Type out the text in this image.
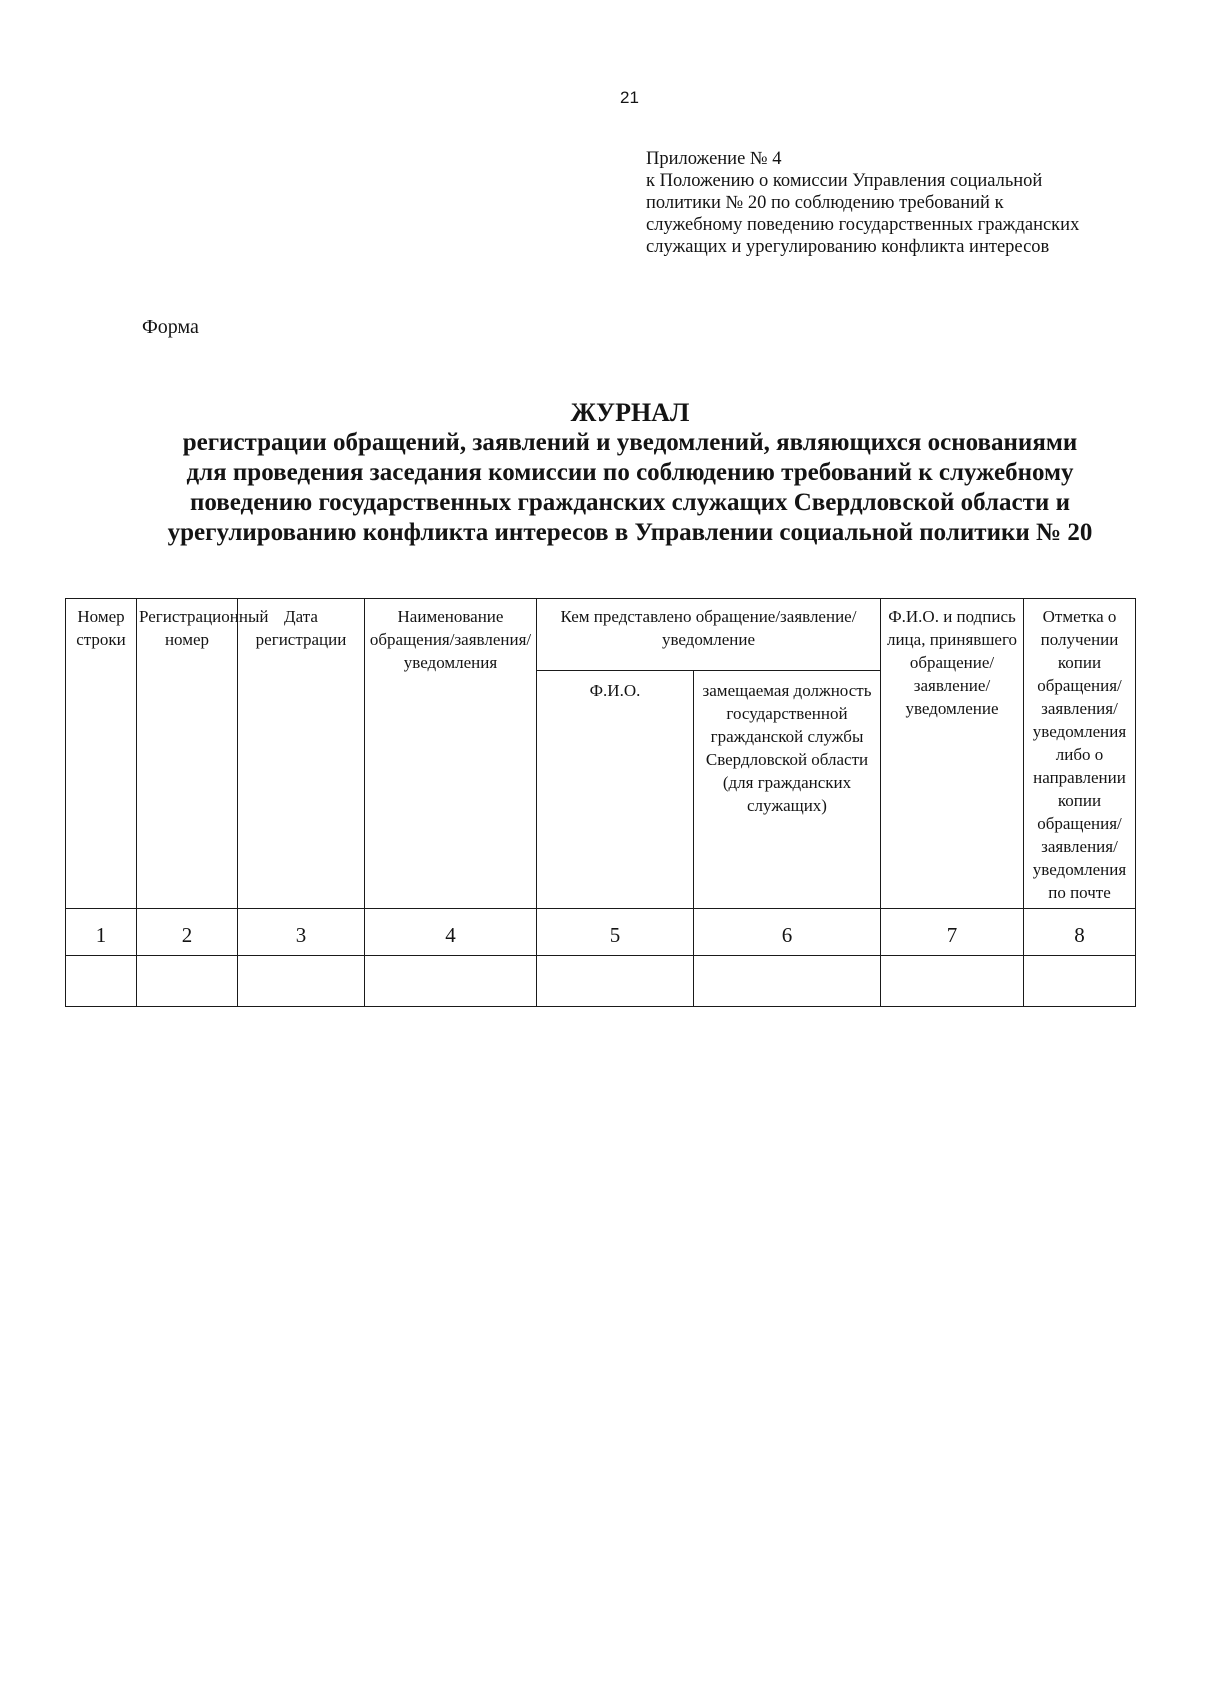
21
Приложение № 4
к Положению о комиссии Управления социальной
политики № 20 по соблюдению требований к
служебному поведению государственных гражданских
служащих и урегулированию конфликта интересов
Форма
ЖУРНАЛ
регистрации обращений, заявлений и уведомлений, являющихся основаниями
для проведения заседания комиссии по соблюдению требований к служебному
поведению государственных гражданских служащих Свердловской области и
урегулированию конфликта интересов в Управлении социальной политики № 20
Номер строки	Регистрационный номер	Дата регистрации	Наименование обращения/заявления/уведомления	Кем представлено обращение/заявление/уведомление		Ф.И.О. и подпись лица, принявшего обращение/заявление/уведомление	Отметка о получении копии обращения/заявления/уведомления либо о направлении копии обращения/заявления/уведомления по почте
				Ф.И.О.	замещаемая должность государственной гражданской службы Свердловской области (для гражданских служащих)		
1	2	3	4	5	6	7	8
